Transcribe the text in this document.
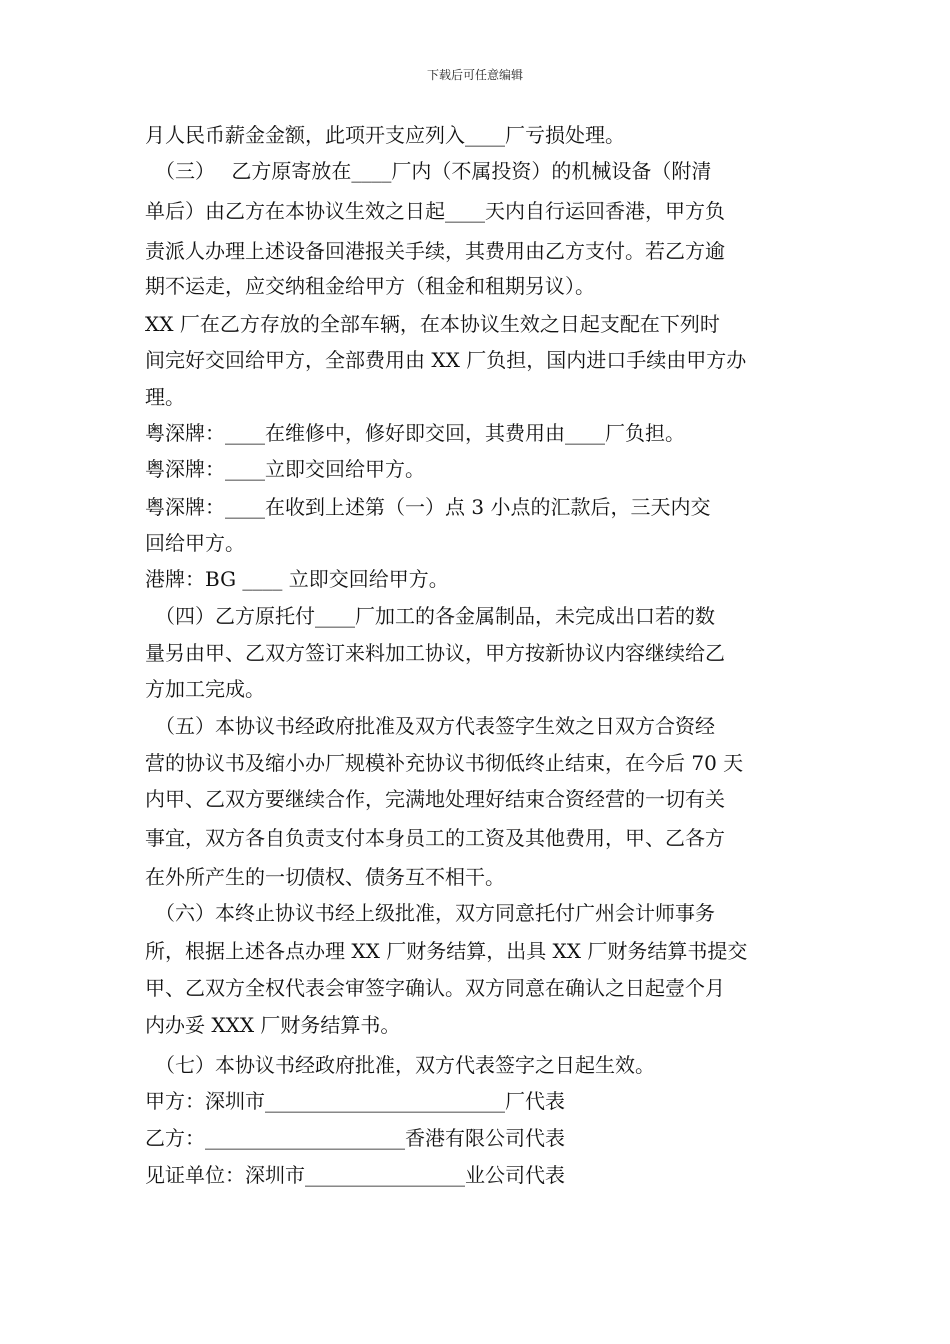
下载后可任意编辑
月人民币薪金金额，此项开支应列入____厂亏损处理。
　（三）　 乙方原寄放在____厂内（不属投资）的机械设备（附清
单后）由乙方在本协议生效之日起____天内自行运回香港，甲方负
责派人办理上述设备回港报关手续，其费用由乙方支付。若乙方逾
期不运走，应交纳租金给甲方（租金和租期另议）。
XX 厂在乙方存放的全部车辆，在本协议生效之日起支配在下列时
间完好交回给甲方，全部费用由 XX 厂负担，国内进口手续由甲方办
理。
粤深牌：____在维修中，修好即交回，其费用由____厂负担。
粤深牌：____立即交回给甲方。
粤深牌：____在收到上述第（一）点 3 小点的汇款后，三天内交
回给甲方。
港牌：BG ____ 立即交回给甲方。
　（四）乙方原托付____厂加工的各金属制品，未完成出口若的数
量另由甲、乙双方签订来料加工协议，甲方按新协议内容继续给乙
方加工完成。
　（五）本协议书经政府批准及双方代表签字生效之日双方合资经
营的协议书及缩小办厂规模补充协议书彻低终止结束，在今后 70 天
内甲、乙双方要继续合作，完满地处理好结束合资经营的一切有关
事宜，双方各自负责支付本身员工的工资及其他费用，甲、乙各方
在外所产生的一切债权、债务互不相干。
　（六）本终止协议书经上级批准，双方同意托付广州会计师事务
所，根据上述各点办理 XX 厂财务结算，出具 XX 厂财务结算书提交
甲、乙双方全权代表会审签字确认。双方同意在确认之日起壹个月
内办妥 XXX 厂财务结算书。
　（七）本协议书经政府批准，双方代表签字之日起生效。
甲方：深圳市________________________厂代表
乙方：____________________香港有限公司代表
见证单位：深圳市________________业公司代表
